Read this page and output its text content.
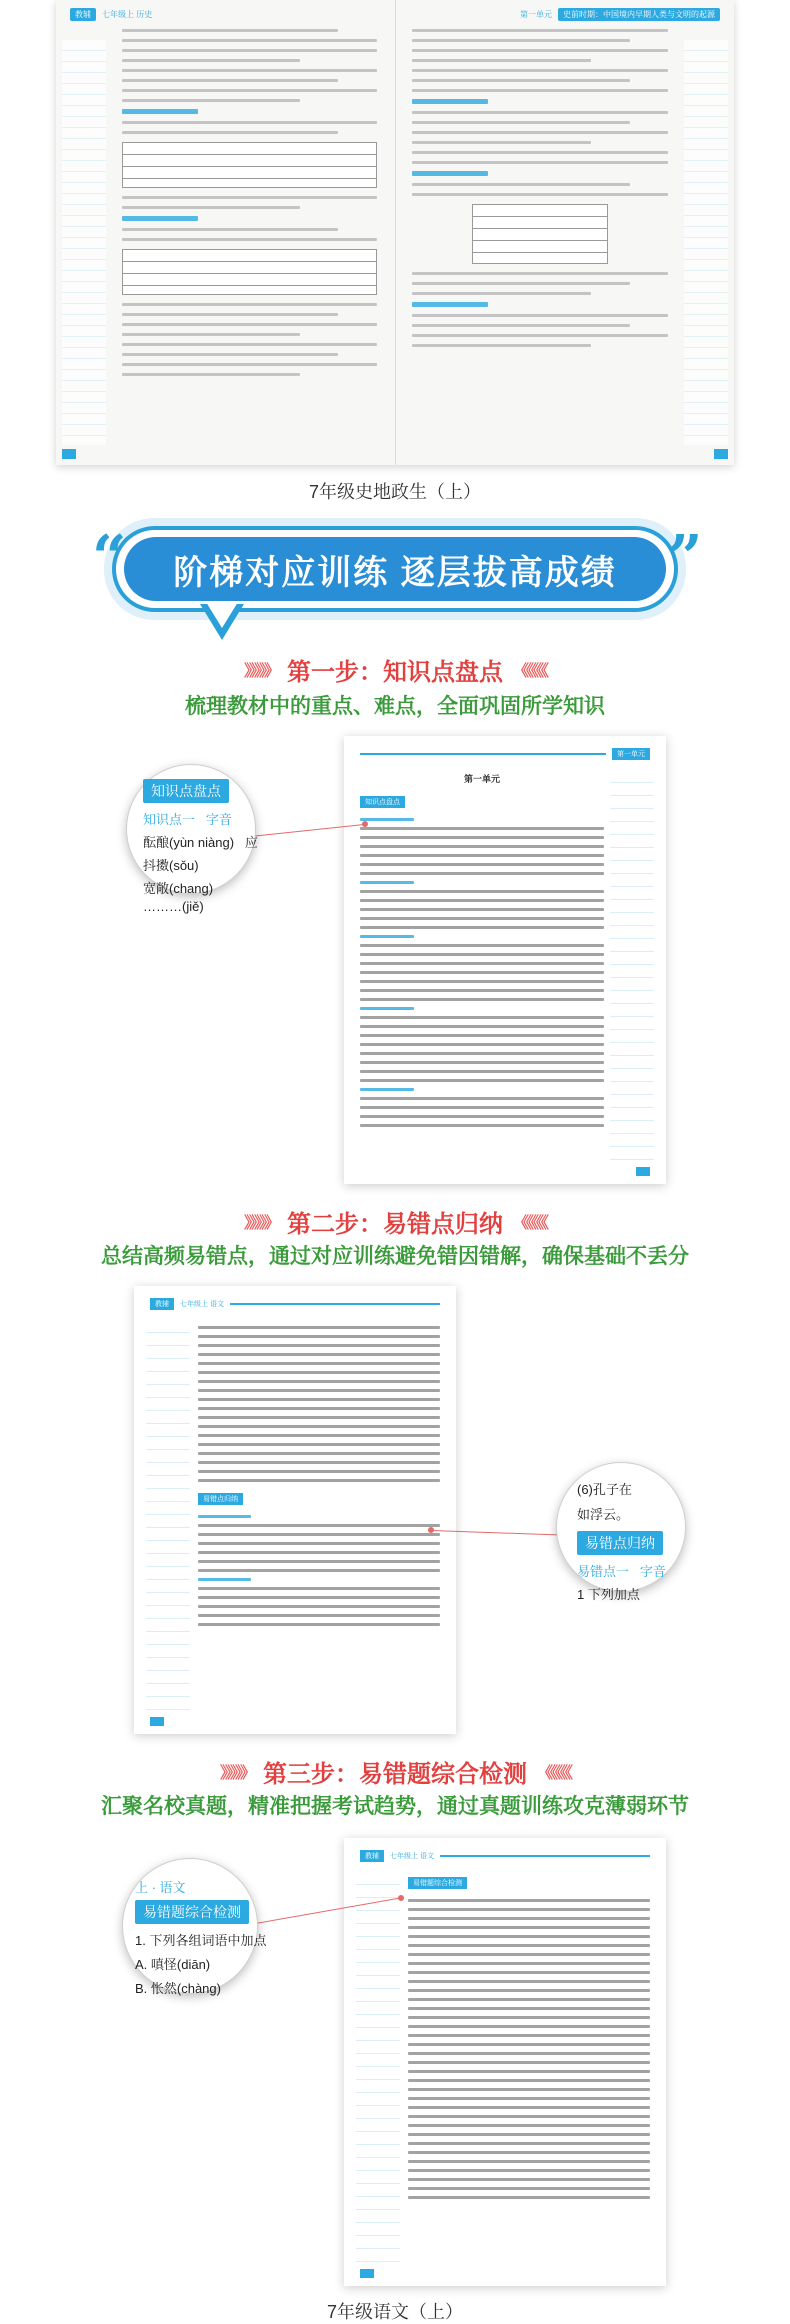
教辅	七年级上 历史	第一单元	史前时期：中国境内早期人类与文明的起源
7年级史地政生（上）
阶梯对应训练 逐层拔高成绩
“	”
》》》》》 第一步：知识点盘点 《《《《《
梳理教材中的重点、难点，全面巩固所学知识
第一单元
第一单元
知识点盘点
知识点盘点
知识点一 字音
酝酿(yùn niàng) 应
抖擞(sǒu)
宽敞(chang)
………(jiě)
》》》》》 第二步：易错点归纳 《《《《《
总结高频易错点，通过对应训练避免错因错解，确保基础不丢分
教辅	七年级上 语文
易错点归纳
(6)孔子在
如浮云。
易错点归纳
易错点一 字音
1 下列加点
》》》》》 第三步：易错题综合检测 《《《《《
汇聚名校真题，精准把握考试趋势，通过真题训练攻克薄弱环节
教辅	七年级上 语文
易错题综合检测
上 · 语文
易错题综合检测
1. 下列各组词语中加点
A. 嗔怪(diān)
B. 怅然(chàng)
7年级语文（上）
